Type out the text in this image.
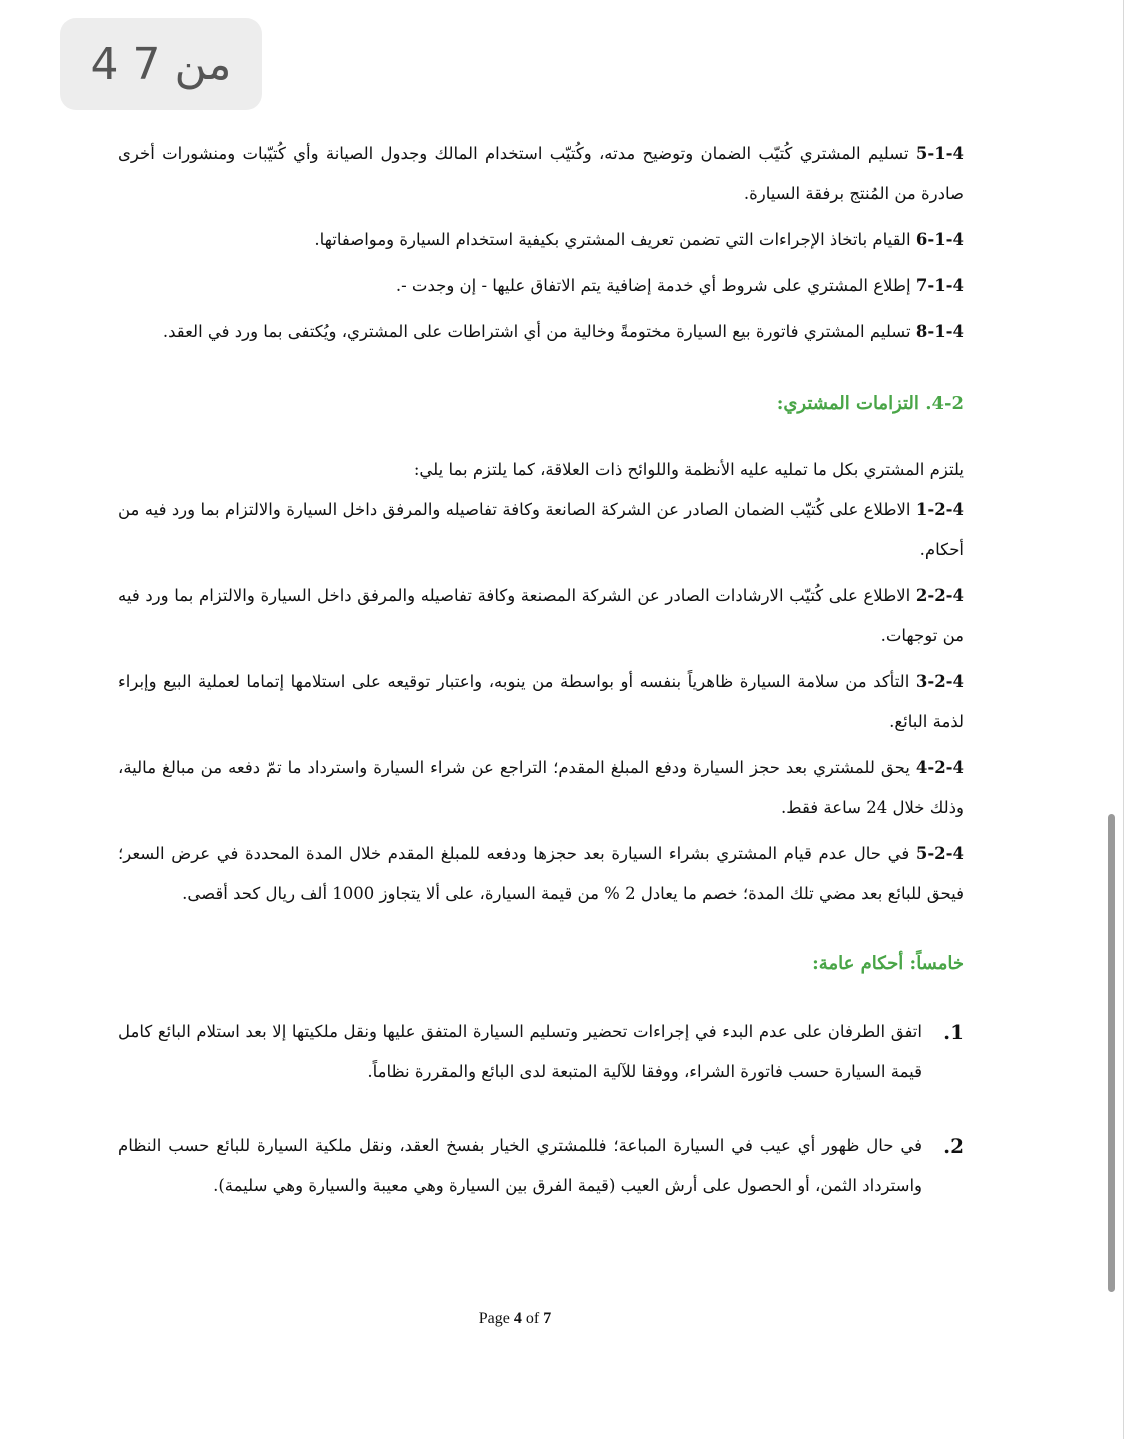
4 من 7

5-1-4 تسليم المشتري كُتيّب الضمان وتوضيح مدته، وكُتيّب استخدام المالك وجدول الصيانة وأي كُتيّبات ومنشورات أخرى صادرة من المُنتج برفقة السيارة.

6-1-4 القيام باتخاذ الإجراءات التي تضمن تعريف المشتري بكيفية استخدام السيارة ومواصفاتها.

7-1-4 إطلاع المشتري على شروط أي خدمة إضافية يتم الاتفاق عليها - إن وجدت -.

8-1-4 تسليم المشتري فاتورة بيع السيارة مختومةً وخالية من أي اشتراطات على المشتري، ويُكتفى بما ورد في العقد.

4-2. التزامات المشتري:

يلتزم المشتري بكل ما تمليه عليه الأنظمة واللوائح ذات العلاقة، كما يلتزم بما يلي:

1-2-4 الاطلاع على كُتيّب الضمان الصادر عن الشركة الصانعة وكافة تفاصيله والمرفق داخل السيارة والالتزام بما ورد فيه من أحكام.

2-2-4 الاطلاع على كُتيّب الارشادات الصادر عن الشركة المصنعة وكافة تفاصيله والمرفق داخل السيارة والالتزام بما ورد فيه من توجهات.

3-2-4 التأكد من سلامة السيارة ظاهرياً بنفسه أو بواسطة من ينوبه، واعتبار توقيعه على استلامها إتماما لعملية البيع وإبراء لذمة البائع.

4-2-4 يحق للمشتري بعد حجز السيارة ودفع المبلغ المقدم؛ التراجع عن شراء السيارة واسترداد ما تمّ دفعه من مبالغ مالية، وذلك خلال 24 ساعة فقط.

5-2-4 في حال عدم قيام المشتري بشراء السيارة بعد حجزها ودفعه للمبلغ المقدم خلال المدة المحددة في عرض السعر؛ فيحق للبائع بعد مضي تلك المدة؛ خصم ما يعادل 2 % من قيمة السيارة، على ألا يتجاوز 1000 ألف ريال كحد أقصى.

خامساً: أحكام عامة:

1.
اتفق الطرفان على عدم البدء في إجراءات تحضير وتسليم السيارة المتفق عليها ونقل ملكيتها إلا بعد استلام البائع كامل قيمة السيارة حسب فاتورة الشراء، ووفقا للآلية المتبعة لدى البائع والمقررة نظاماً.

2.
في حال ظهور أي عيب في السيارة المباعة؛ فللمشتري الخيار بفسخ العقد، ونقل ملكية السيارة للبائع حسب النظام واسترداد الثمن، أو الحصول على أرش العيب (قيمة الفرق بين السيارة وهي معيبة والسيارة وهي سليمة).

Page 4 of 7
